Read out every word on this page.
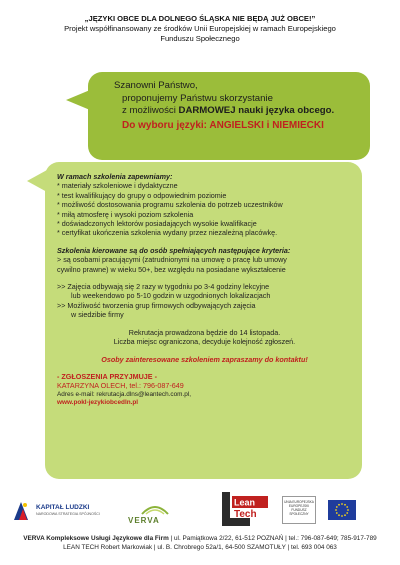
„JĘZYKI OBCE DLA DOLNEGO ŚLĄSKA NIE BĘDĄ JUŻ OBCE!”
Projekt współfinansowany ze środków Unii Europejskiej w ramach Europejskiego
Funduszu Społecznego
Szanowni Państwo,
proponujemy Państwu skorzystanie
z możliwości DARMOWEJ nauki języka obcego.
Do wyboru języki: ANGIELSKI i NIEMIECKI
W ramach szkolenia zapewniamy:
* materiały szkoleniowe i dydaktyczne
* test kwalifikujący do grupy o odpowiednim poziomie
* możliwość dostosowania programu szkolenia do potrzeb uczestników
* miłą atmosferę i wysoki poziom szkolenia
* doświadczonych lektorów posiadających wysokie kwalifikacje
* certyfikat ukończenia szkolenia wydany przez niezależną placówkę.
Szkolenia kierowane są do osób spełniających następujące kryteria:
> są osobami pracującymi (zatrudnionymi na umowę o pracę lub umowy
cywilno prawne) w wieku 50+, bez względu na posiadane wykształcenie
>> Zajęcia odbywają się 2 razy w tygodniu po 3-4 godziny lekcyjne
lub weekendowo po 5-10 godzin w uzgodnionych lokalizacjach
>> Możliwość tworzenia grup firmowych odbywających zajęcia
w siedzibie firmy
Rekrutacja prowadzona będzie do 14 listopada.
Liczba miejsc ograniczona, decyduje kolejność zgłoszeń.
Osoby zainteresowane szkoleniem zapraszamy do kontaktu!
- ZGŁOSZENIA PRZYJMUJE -
KATARZYNA OLECH, tel.: 796-087-649
Adres e-mail: rekrutacja.dlns@leantech.com.pl,
www.pokl-jezykiobcedln.pl
KAPITAŁ LUDZKI
NARODOWA STRATEGIA SPÓJNOŚCI
VERVA
Lean
Tech
UNIA EUROPEJSKA EUROPEJSKI FUNDUSZ SPOŁECZNY
VERVA Kompleksowe Usługi Językowe dla Firm | ul. Pamiątkowa 2/22, 61-512 POZNAŃ | tel.: 796-087-649; 785-917-789
LEAN TECH Robert Markowiak | ul. B. Chrobrego 52a/1, 64-500 SZAMOTUŁY | tel. 693 004 063
